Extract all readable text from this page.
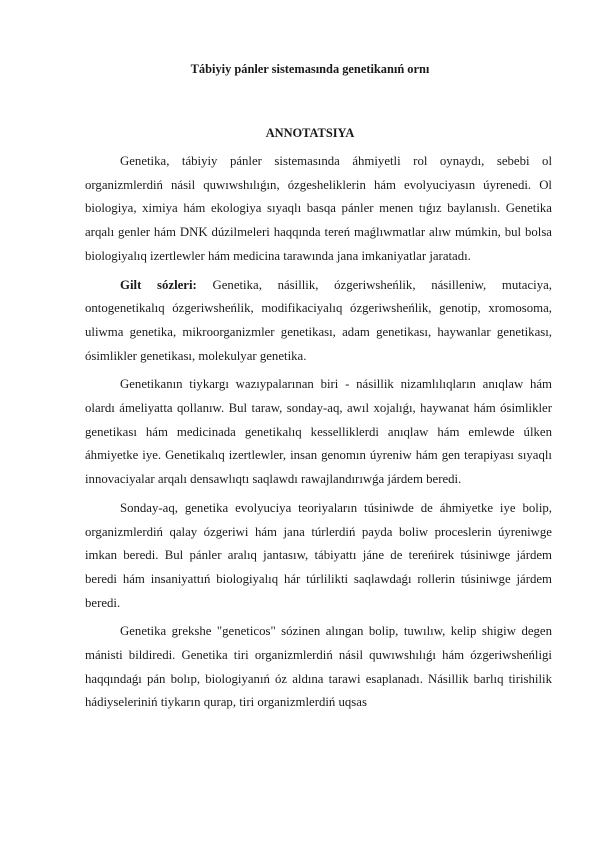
Tábiyiy pánler sistemasında genetikanıń ornı
ANNOTATSIYA

Genetika, tábiyiy pánler sistemasında áhmiyetli rol oynaydı, sebebi ol organizmlerdiń násil quwıwshılıǵın, ózgesheliklerin hám evolyuciyasın úyrenedi. Ol biologiya, ximiya hám ekologiya sıyaqlı basqa pánler menen tıǵız baylanıslı. Genetika arqalı genler hám DNK dúzilmeleri haqqında tereń maǵlıwmatlar alıw múmkin, bul bolsa biologiyalıq izertlewler hám medicina tarawında jana imkaniyatlar jaratadı.

Gilt sózleri: Genetika, násillik, ózgeriwsheńlik, násilleniw, mutaciya, ontogenetikalıq ózgeriwsheńlik, modifikaciyalıq ózgeriwsheńlik, genotip, xromosoma, uliwma genetika, mikroorganizmler genetikası, adam genetikası, haywanlar genetikası, ósimlikler genetikası, molekulyar genetika.

Genetikanın tiykargı wazıypalarınan biri - násillik nizamlılıqların anıqlaw hám olardı ámeliyatta qollanıw. Bul taraw, sonday-aq, awıl xojalıǵı, haywanat hám ósimlikler genetikası hám medicinada genetikalıq kesselliklerdi anıqlaw hám emlewde úlken áhmiyetke iye. Genetikalıq izertlewler, insan genomın úyreniw hám gen terapiyası sıyaqlı innovaciyalar arqalı densawlıqtı saqlawdı rawajlandırıwǵa járdem beredi.

Sonday-aq, genetika evolyuciya teoriyaların túsiniwde de áhmiyetke iye bolip, organizmlerdiń qalay ózgeriwi hám jana túrlerdiń payda boliw proceslerin úyreniwge imkan beredi. Bul pánler aralıq jantasıw, tábiyattı jáne de tereńirek túsiniwge járdem beredi hám insaniyattıń biologiyalıq hár túrlilikti saqlawdaǵı rollerin túsiniwge járdem beredi.

Genetika grekshe "geneticos" sózinen alıngan bolip, tuwılıw, kelip shigiw degen mánisti bildiredi. Genetika tiri organizmlerdiń násil quwıwshılıǵı hám ózgeriwsheńligi haqqındaǵı pán bolıp, biologiyanıń óz aldına tarawi esaplanadı. Násillik barlıq tirishilik hádiyseleriniń tiykarın qurap, tiri organizmlerdiń uqsas
